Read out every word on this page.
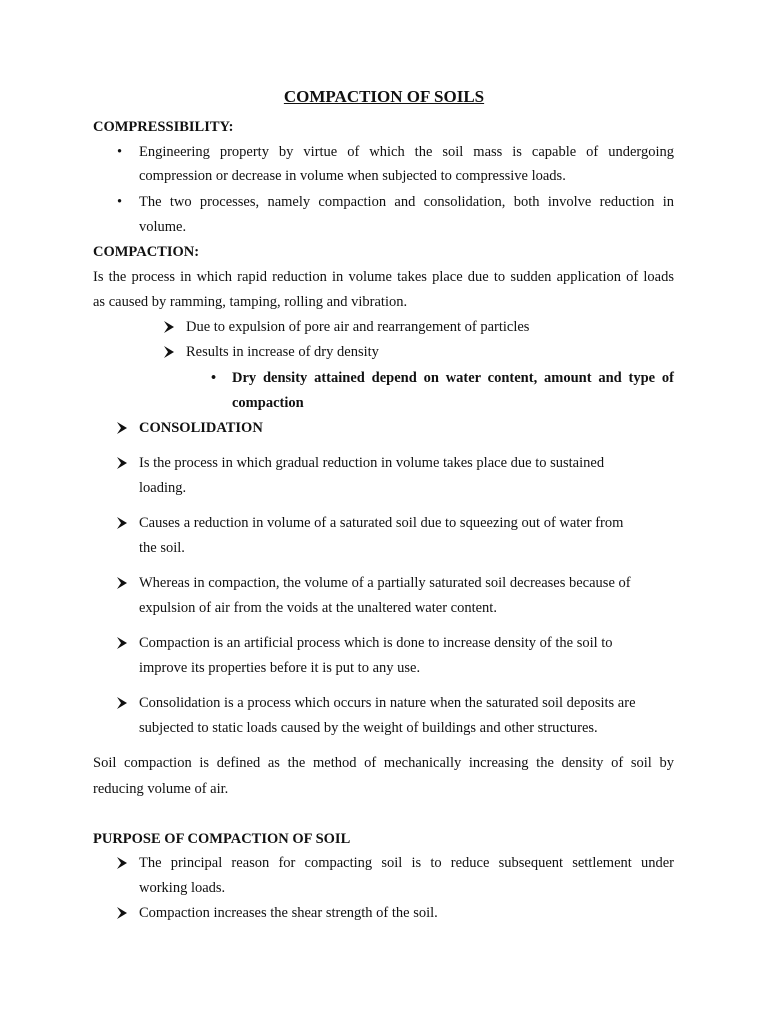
COMPACTION OF SOILS
COMPRESSIBILITY:
• Engineering property by virtue of which the soil mass is capable of undergoing
compression or decrease in volume when subjected to compressive loads.
• The two processes, namely compaction and consolidation, both involve reduction in
volume.
COMPACTION:
Is the process in which rapid reduction in volume takes place due to sudden application of loads
as caused by ramming, tamping, rolling and vibration.
Due to expulsion of pore air and rearrangement of particles
Results in increase of dry density
• Dry density attained depend on water content, amount and type of
compaction
CONSOLIDATION
Is the process in which gradual reduction in volume takes place due to sustained
loading.
Causes a reduction in volume of a saturated soil due to squeezing out of water from
the soil.
Whereas in compaction, the volume of a partially saturated soil decreases because of
expulsion of air from the voids at the unaltered water content.
Compaction is an artificial process which is done to increase density of the soil to
improve its properties before it is put to any use.
Consolidation is a process which occurs in nature when the saturated soil deposits are
subjected to static loads caused by the weight of buildings and other structures.
Soil compaction is defined as the method of mechanically increasing the density of soil by
reducing volume of air.
PURPOSE OF COMPACTION OF SOIL
The principal reason for compacting soil is to reduce subsequent settlement under
working loads.
Compaction increases the shear strength of the soil.
